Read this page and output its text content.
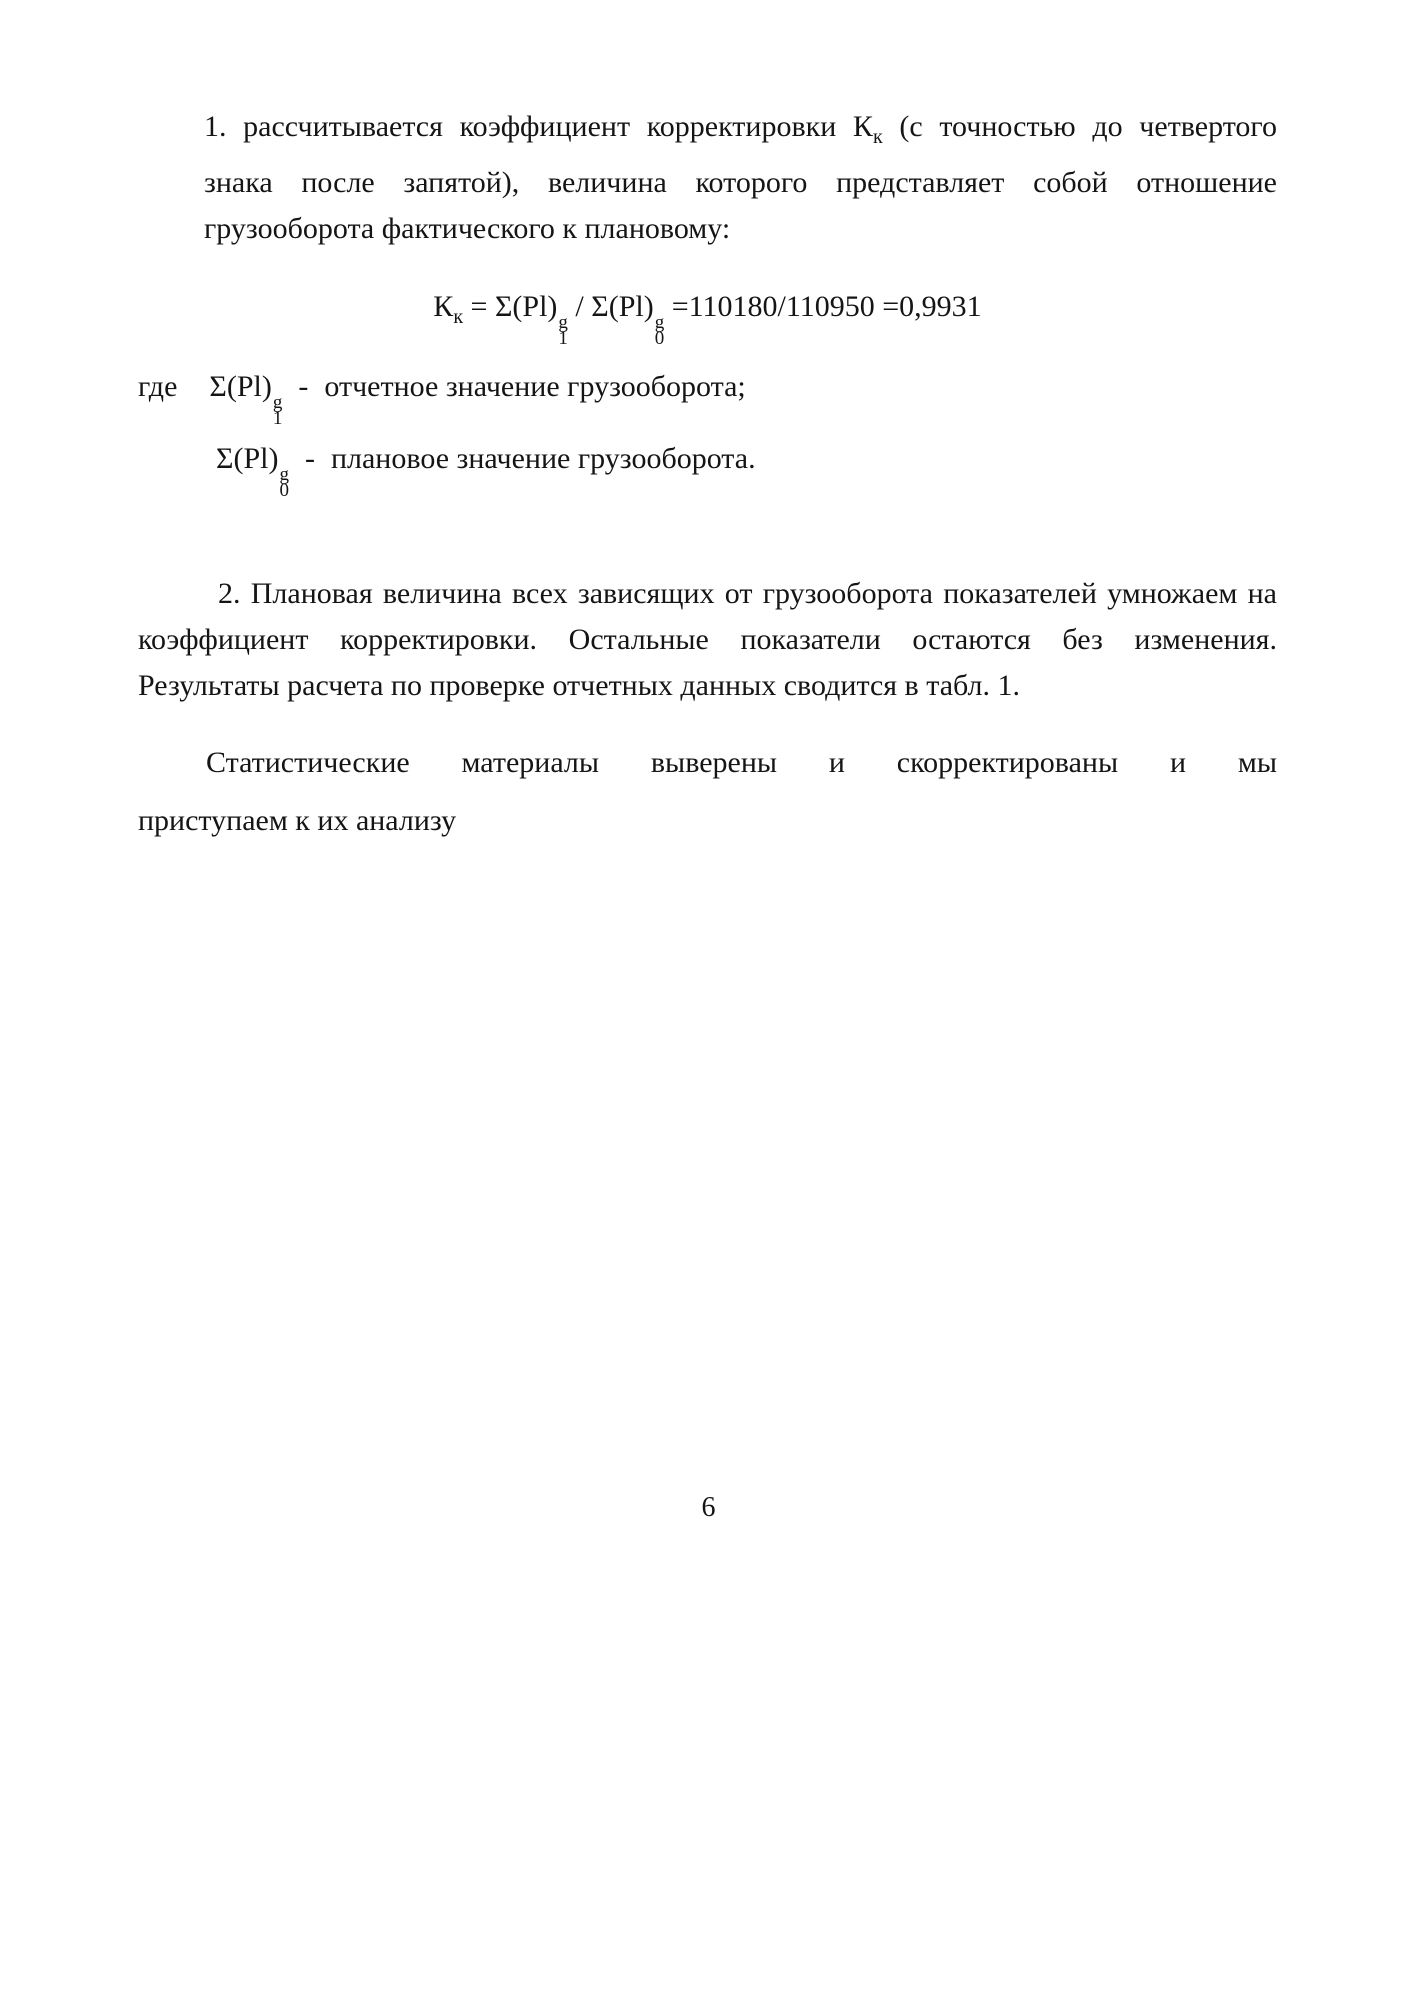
1. рассчитывается коэффициент корректировки $К_к$ (с точностью до четвертого знака после запятой), величина которого представляет собой отношение грузооборота фактического к плановому:
$К_к = \Sigma(Pl)$ g
1
/ Σ(Pl) g
0
=110180/110950 =0,9931
где Σ(Pl) g
1
- отчетное значение грузооборота;
Σ(Pl) g
0
- плановое значение грузооборота.
2. Плановая величина всех зависящих от грузооборота показателей умножаем на коэффициент корректировки. Остальные показатели остаются без изменения. Результаты расчета по проверке отчетных данных сводится в табл. 1.
Статистические материалы выверены и скорректированы и мы
приступаем к их анализу
6
